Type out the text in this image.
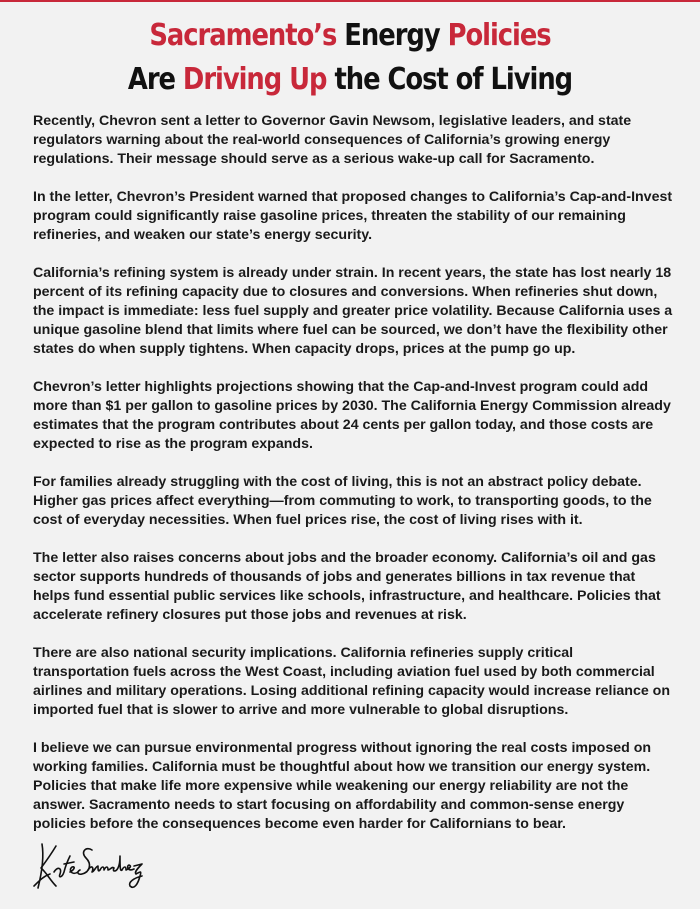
Sacramento’s Energy Policies
Are Driving Up the Cost of Living

Recently, Chevron sent a letter to Governor Gavin Newsom, legislative leaders, and state regulators warning about the real-world consequences of California’s growing energy regulations. Their message should serve as a serious wake-up call for Sacramento.

In the letter, Chevron’s President warned that proposed changes to California’s Cap-and-Invest program could significantly raise gasoline prices, threaten the stability of our remaining refineries, and weaken our state’s energy security.

California’s refining system is already under strain. In recent years, the state has lost nearly 18 percent of its refining capacity due to closures and conversions. When refineries shut down, the impact is immediate: less fuel supply and greater price volatility. Because California uses a unique gasoline blend that limits where fuel can be sourced, we don’t have the flexibility other states do when supply tightens. When capacity drops, prices at the pump go up.

Chevron’s letter highlights projections showing that the Cap-and-Invest program could add more than $1 per gallon to gasoline prices by 2030. The California Energy Commission already estimates that the program contributes about 24 cents per gallon today, and those costs are expected to rise as the program expands.

For families already struggling with the cost of living, this is not an abstract policy debate. Higher gas prices affect everything—from commuting to work, to transporting goods, to the cost of everyday necessities. When fuel prices rise, the cost of living rises with it.

The letter also raises concerns about jobs and the broader economy. California’s oil and gas sector supports hundreds of thousands of jobs and generates billions in tax revenue that helps fund essential public services like schools, infrastructure, and healthcare. Policies that accelerate refinery closures put those jobs and revenues at risk.

There are also national security implications. California refineries supply critical transportation fuels across the West Coast, including aviation fuel used by both commercial airlines and military operations. Losing additional refining capacity would increase reliance on imported fuel that is slower to arrive and more vulnerable to global disruptions.

I believe we can pursue environmental progress without ignoring the real costs imposed on working families. California must be thoughtful about how we transition our energy system. Policies that make life more expensive while weakening our energy reliability are not the answer. Sacramento needs to start focusing on affordability and common-sense energy policies before the consequences become even harder for Californians to bear.
